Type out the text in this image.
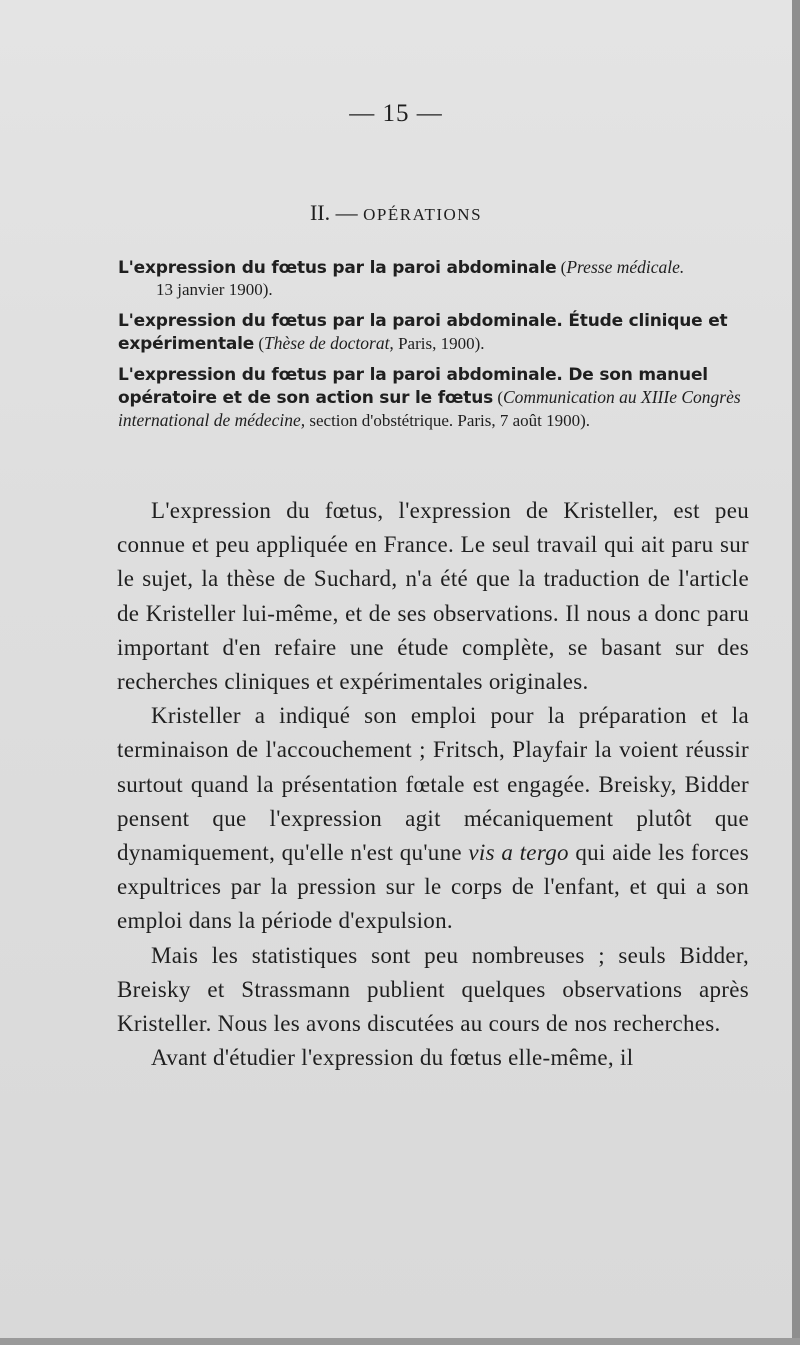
— 15 —
II. — OPÉRATIONS
L'expression du fœtus par la paroi abdominale (Presse médicale.
13 janvier 1900).
L'expression du fœtus par la paroi abdominale. Étude clinique et expérimentale (Thèse de doctorat, Paris, 1900).
L'expression du fœtus par la paroi abdominale. De son manuel opératoire et de son action sur le fœtus (Communication au XIIIe Congrès international de médecine, section d'obstétrique. Paris, 7 août 1900).

L'expression du fœtus, l'expression de Kristeller, est peu connue et peu appliquée en France. Le seul travail qui ait paru sur le sujet, la thèse de Suchard, n'a été que la traduction de l'article de Kristeller lui-même, et de ses observations. Il nous a donc paru important d'en refaire une étude complète, se basant sur des recherches cliniques et expérimentales originales.

Kristeller a indiqué son emploi pour la préparation et la terminaison de l'accouchement ; Fritsch, Playfair la voient réussir surtout quand la présentation fœtale est engagée. Breisky, Bidder pensent que l'expression agit mécaniquement plutôt que dynamiquement, qu'elle n'est qu'une vis a tergo qui aide les forces expultrices par la pression sur le corps de l'enfant, et qui a son emploi dans la période d'expulsion.

Mais les statistiques sont peu nombreuses ; seuls Bidder, Breisky et Strassmann publient quelques observations après Kristeller. Nous les avons discutées au cours de nos recherches.

Avant d'étudier l'expression du fœtus elle-même, il
